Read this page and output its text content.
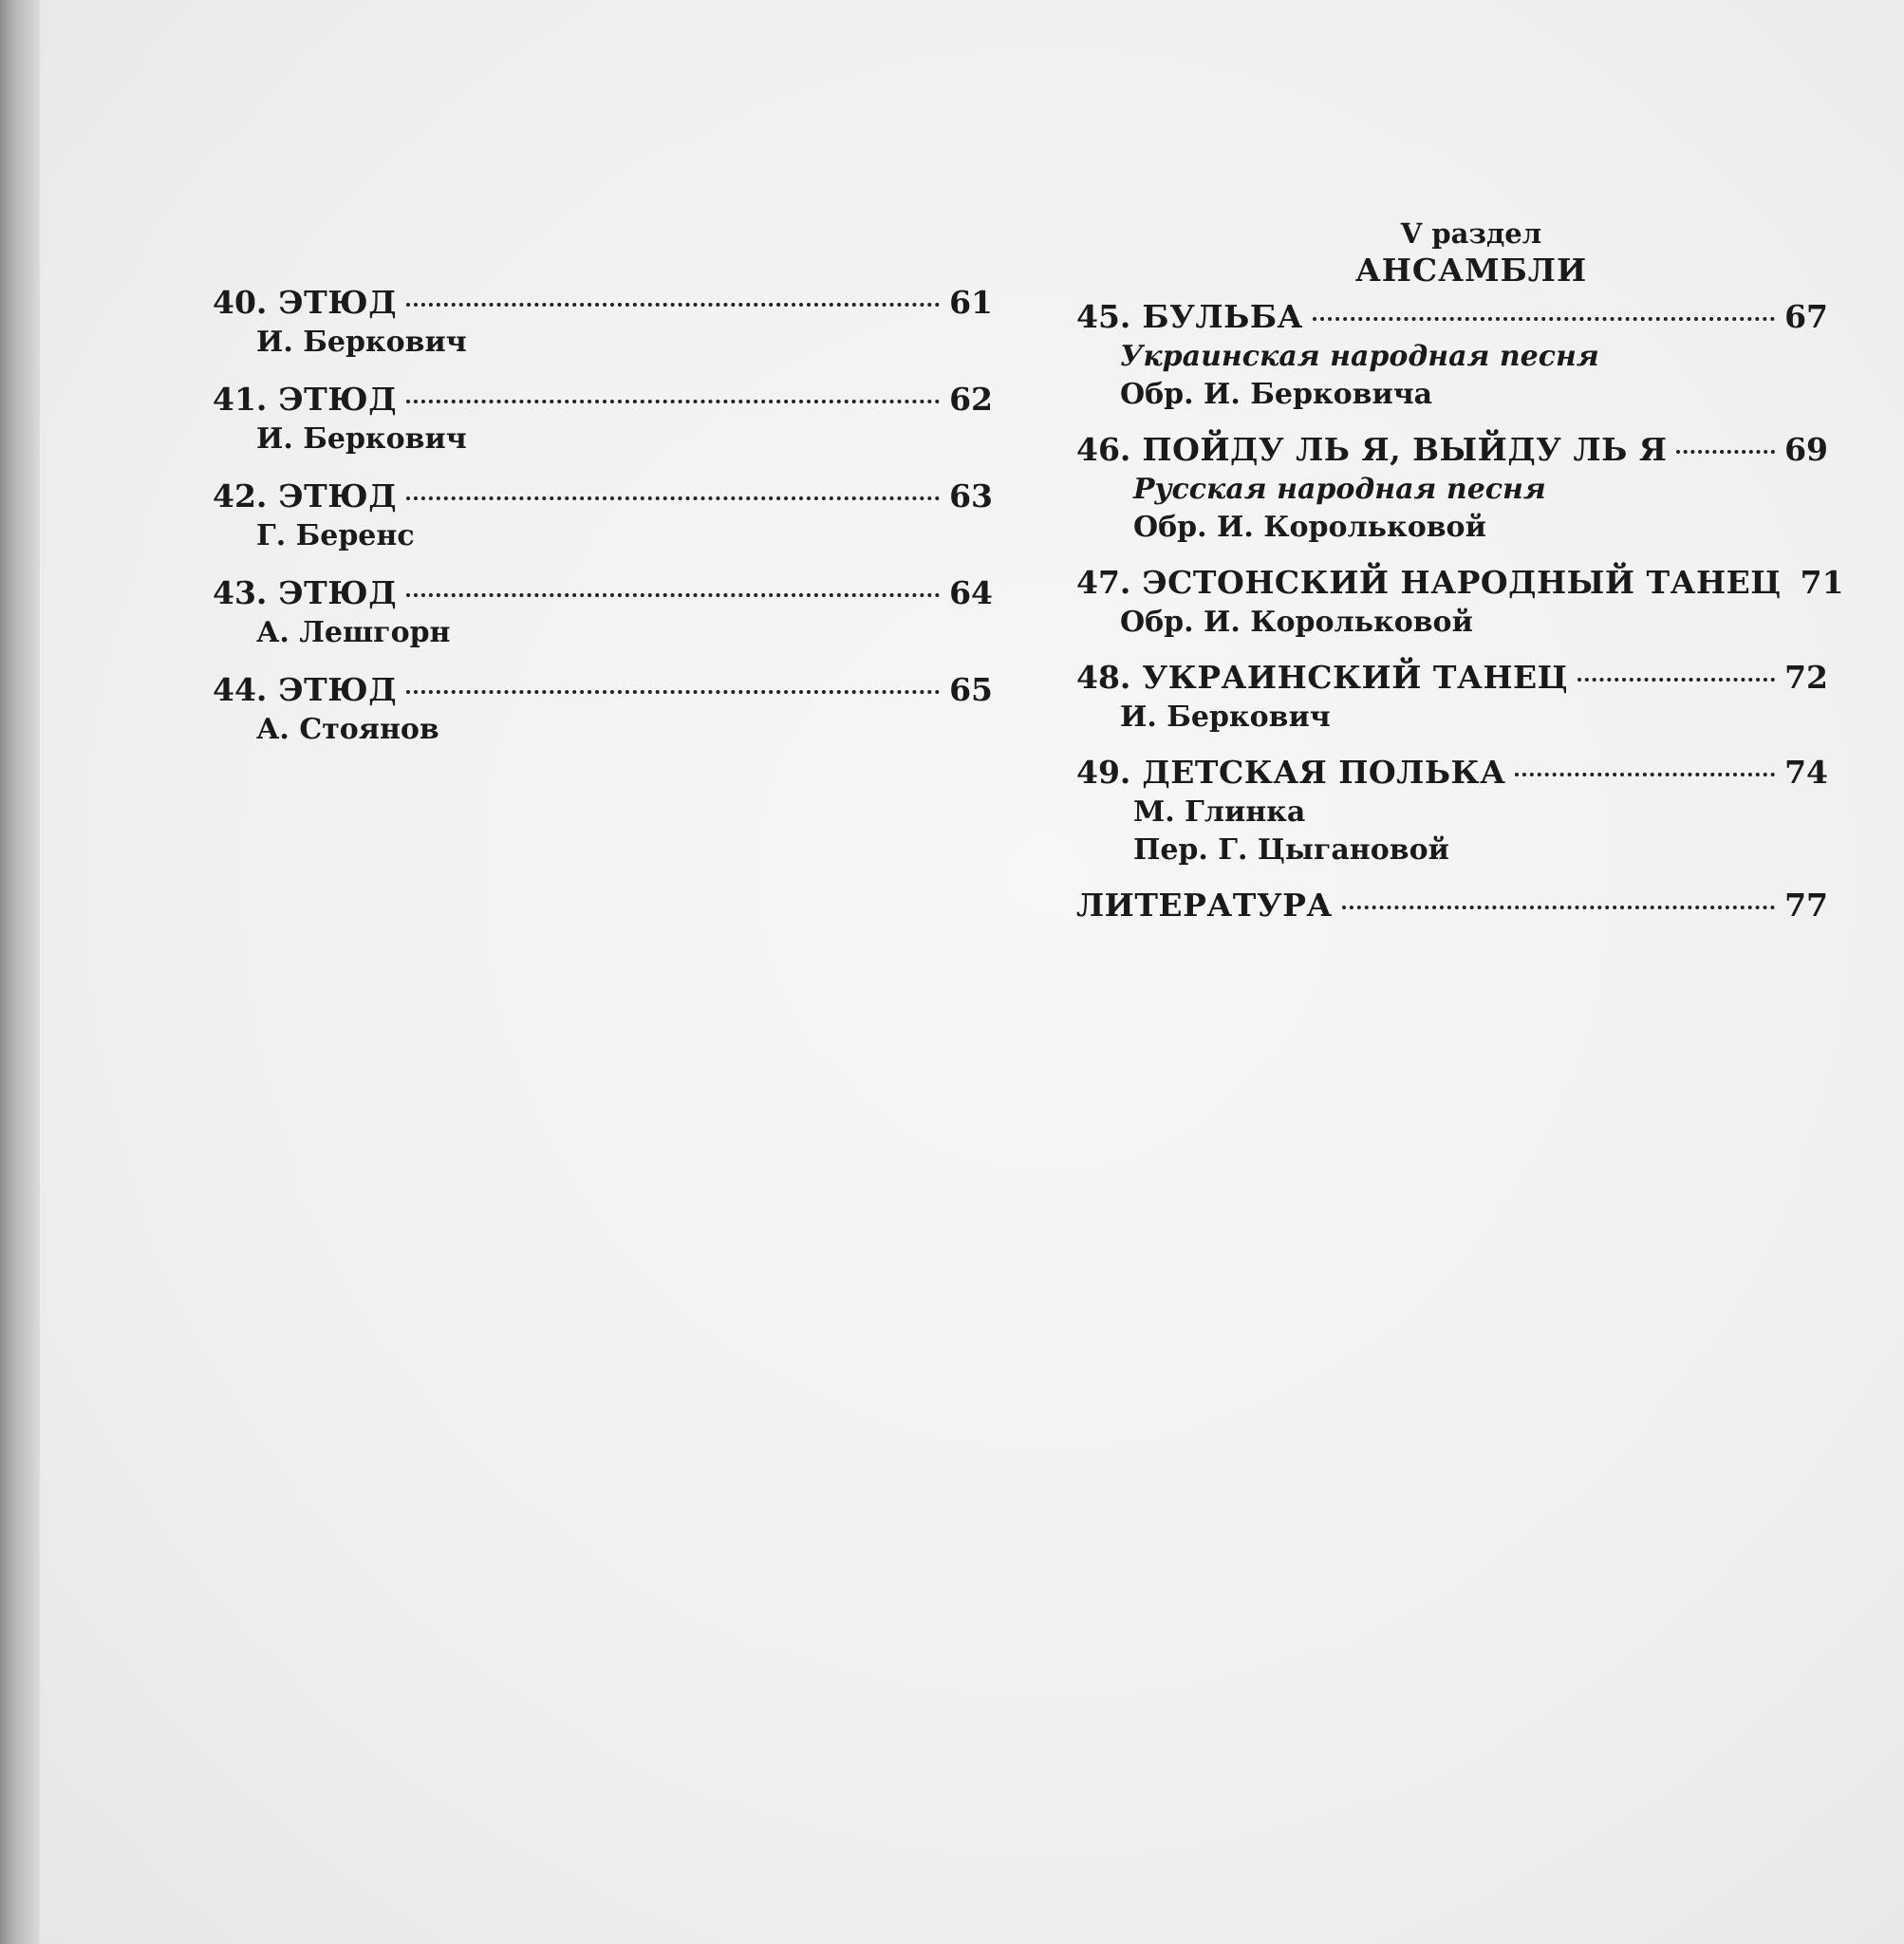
40. ЭТЮД	61
И. Беркович
41. ЭТЮД	62
И. Беркович
42. ЭТЮД	63
Г. Беренс
43. ЭТЮД	64
А. Лешгорн
44. ЭТЮД	65
А. Стоянов
V раздел
АНСАМБЛИ
45. БУЛЬБА	67
Украинская народная песня
Обр. И. Берковича
46. ПОЙДУ ЛЬ Я, ВЫЙДУ ЛЬ Я	69
Русская народная песня
Обр. И. Корольковой
47. ЭСТОНСКИЙ НАРОДНЫЙ ТАНЕЦ 71
Обр. И. Корольковой
48. УКРАИНСКИЙ ТАНЕЦ	72
И. Беркович
49. ДЕТСКАЯ ПОЛЬКА	74
М. Глинка
Пер. Г. Цыгановой
ЛИТЕРАТУРА	77
